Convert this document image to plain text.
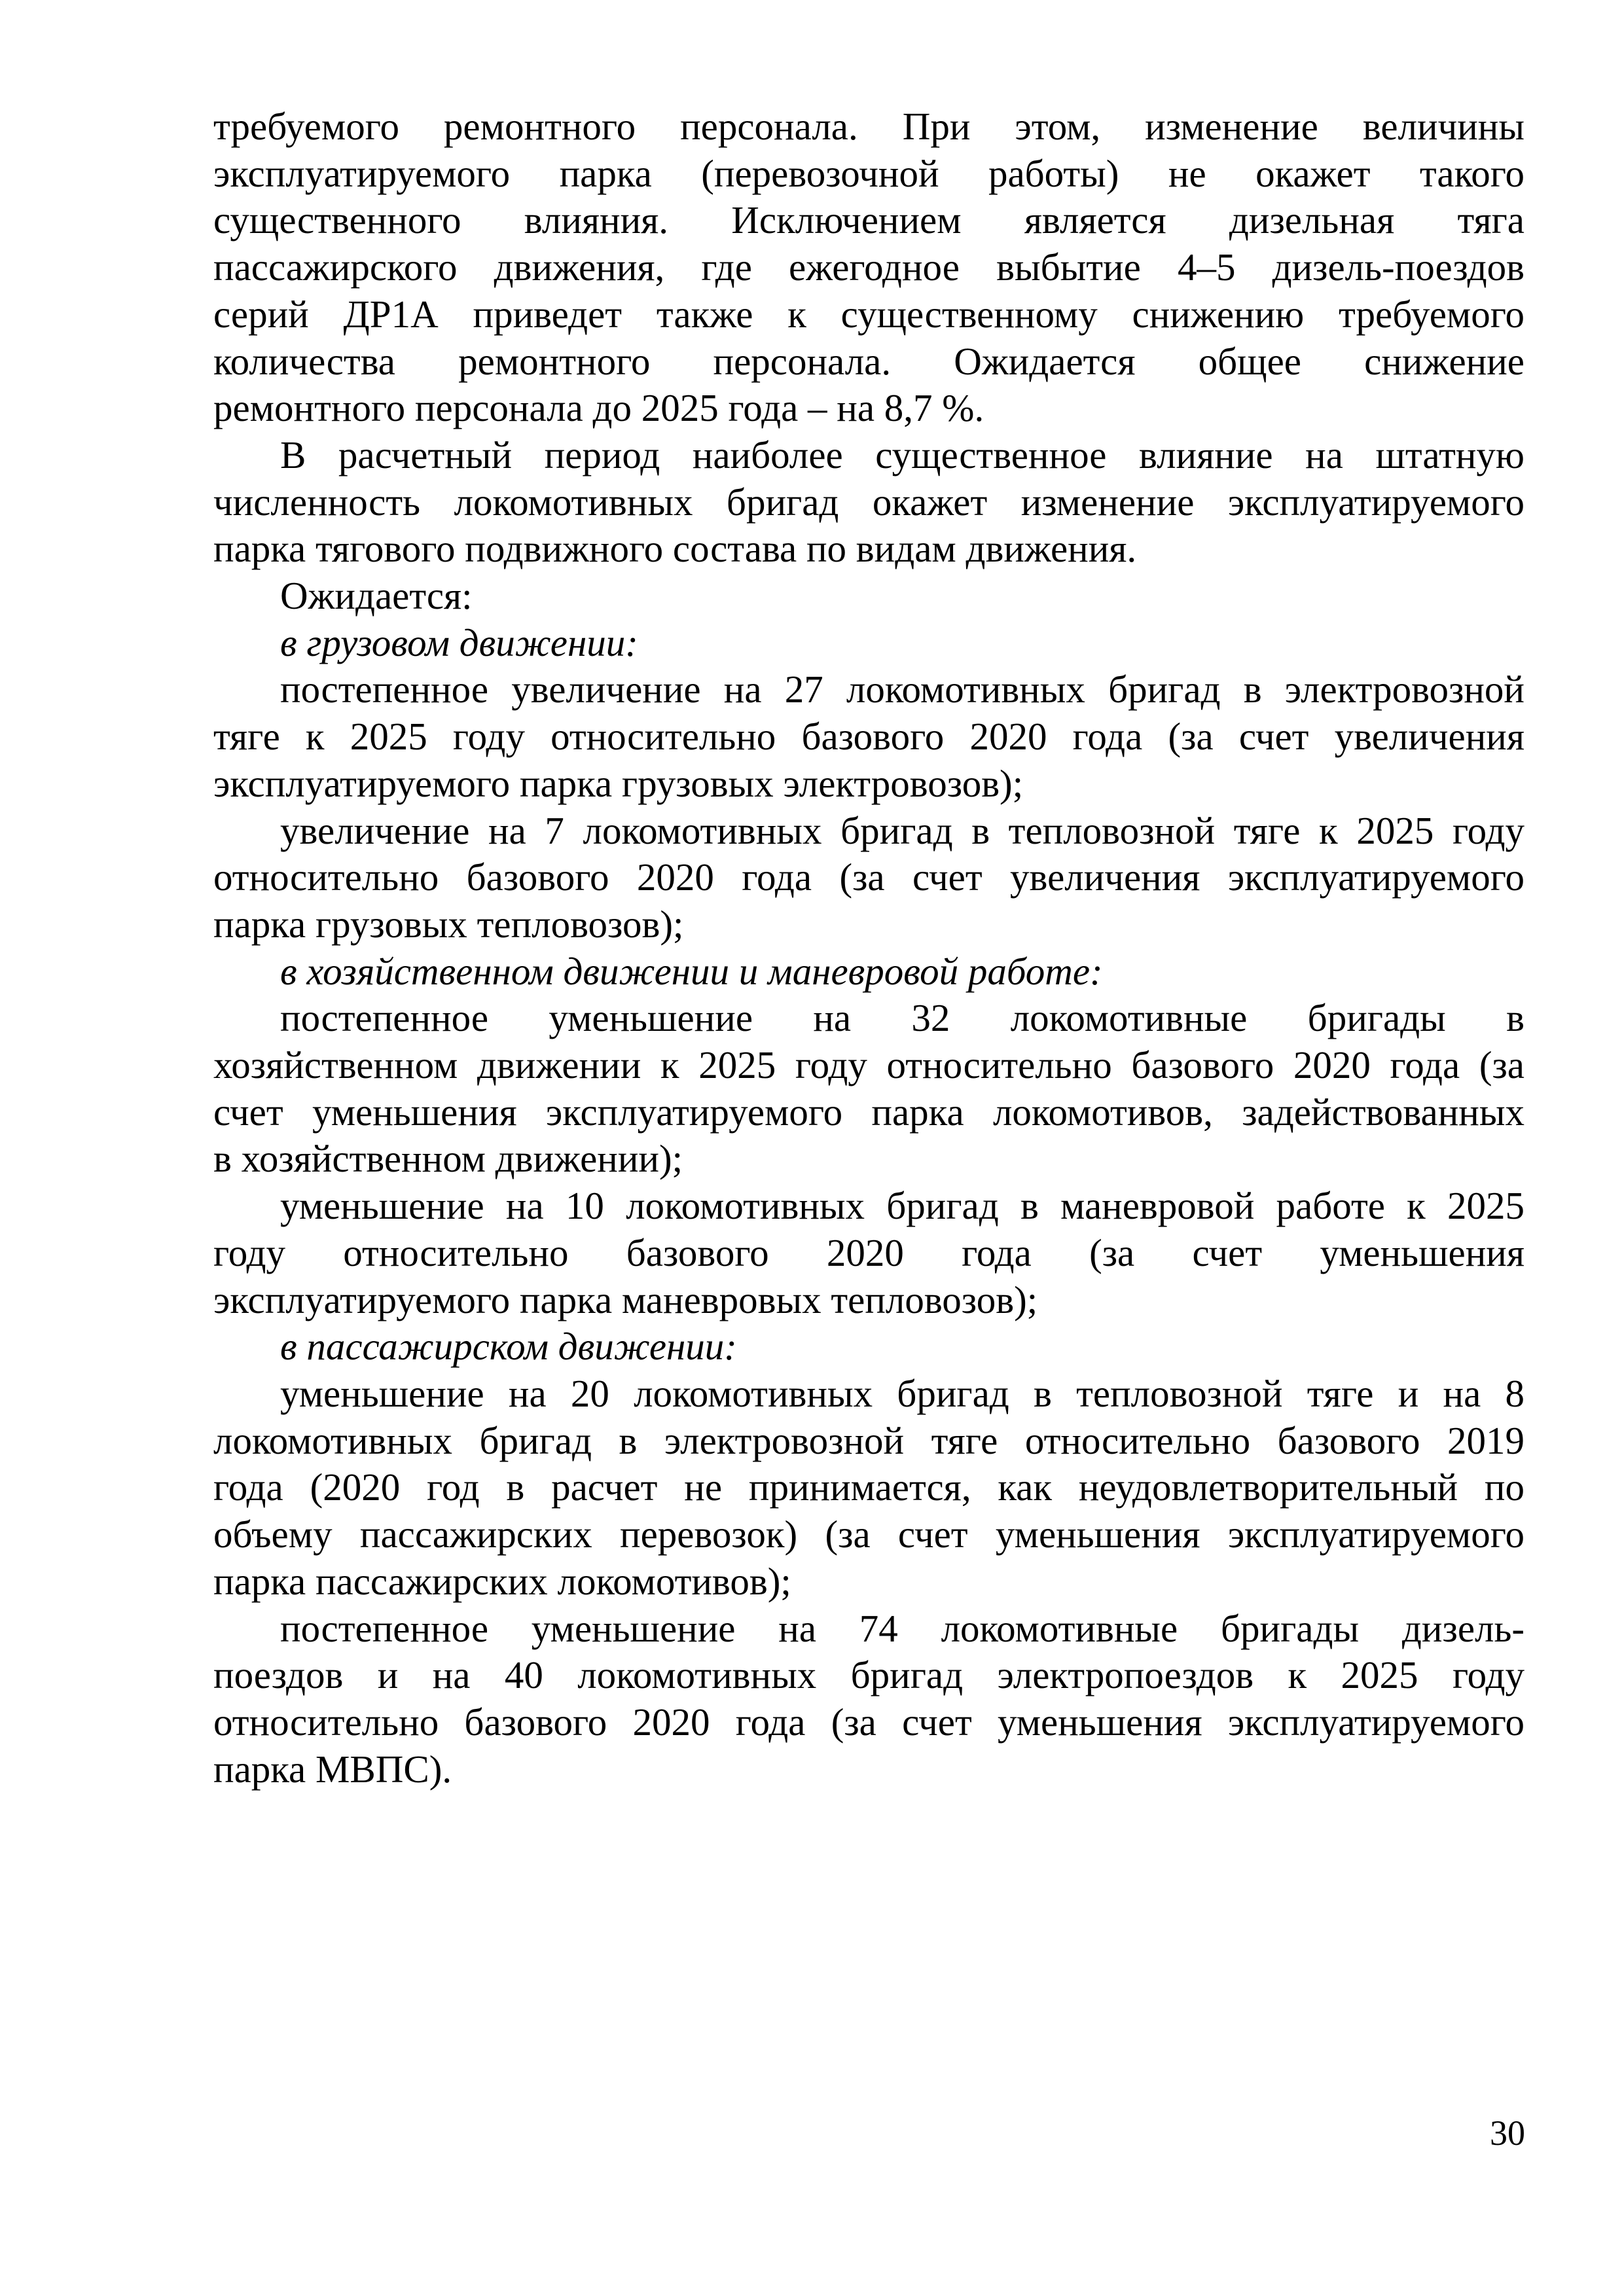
требуемого ремонтного персонала. При этом, изменение величины
эксплуатируемого парка (перевозочной работы) не окажет такого
существенного влияния. Исключением является дизельная тяга
пассажирского движения, где ежегодное выбытие 4–5 дизель-поездов
серий ДР1А приведет также к существенному снижению требуемого
количества ремонтного персонала. Ожидается общее снижение
ремонтного персонала до 2025 года – на 8,7 %.
В расчетный период наиболее существенное влияние на штатную
численность локомотивных бригад окажет изменение эксплуатируемого
парка тягового подвижного состава по видам движения.
Ожидается:
в грузовом движении:
постепенное увеличение на 27 локомотивных бригад в электровозной
тяге к 2025 году относительно базового 2020 года (за счет увеличения
эксплуатируемого парка грузовых электровозов);
увеличение на 7 локомотивных бригад в тепловозной тяге к 2025 году
относительно базового 2020 года (за счет увеличения эксплуатируемого
парка грузовых тепловозов);
в хозяйственном движении и маневровой работе:
постепенное уменьшение на 32 локомотивные бригады в
хозяйственном движении к 2025 году относительно базового 2020 года (за
счет уменьшения эксплуатируемого парка локомотивов, задействованных
в хозяйственном движении);
уменьшение на 10 локомотивных бригад в маневровой работе к 2025
году относительно базового 2020 года (за счет уменьшения
эксплуатируемого парка маневровых тепловозов);
в пассажирском движении:
уменьшение на 20 локомотивных бригад в тепловозной тяге и на 8
локомотивных бригад в электровозной тяге относительно базового 2019
года (2020 год в расчет не принимается, как неудовлетворительный по
объему пассажирских перевозок) (за счет уменьшения эксплуатируемого
парка пассажирских локомотивов);
постепенное уменьшение на 74 локомотивные бригады дизель-
поездов и на 40 локомотивных бригад электропоездов к 2025 году
относительно базового 2020 года (за счет уменьшения эксплуатируемого
парка МВПС).
30
